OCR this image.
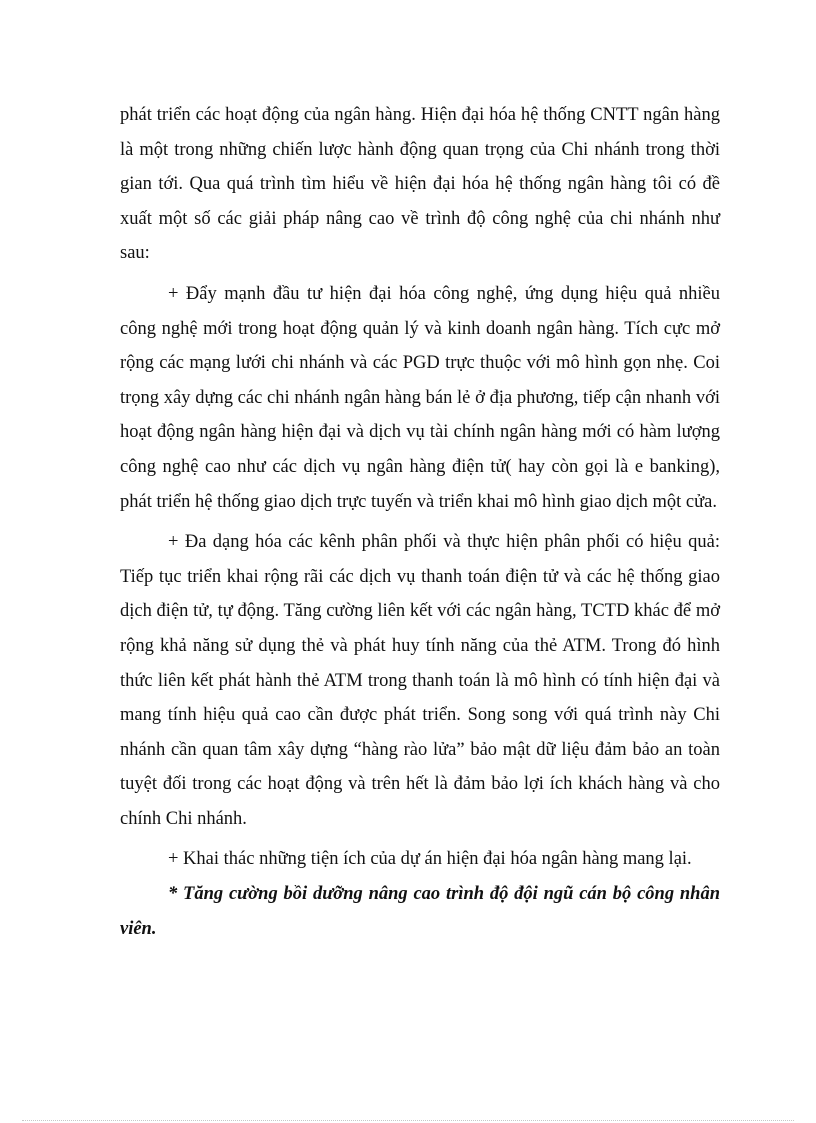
phát triển các hoạt động của ngân hàng. Hiện đại hóa hệ thống CNTT ngân hàng là một trong những chiến lược hành động quan trọng của Chi nhánh trong thời gian tới. Qua quá trình tìm hiểu về hiện đại hóa hệ thống ngân hàng tôi có đề xuất một số các giải pháp nâng cao về trình độ công nghệ của chi nhánh như sau:

+ Đẩy mạnh đầu tư hiện đại hóa công nghệ, ứng dụng hiệu quả nhiều công nghệ mới trong hoạt động quản lý và kinh doanh ngân hàng. Tích cực mở rộng các mạng lưới chi nhánh và các PGD trực thuộc với mô hình gọn nhẹ. Coi trọng xây dựng các chi nhánh ngân hàng bán lẻ ở địa phương, tiếp cận nhanh với hoạt động ngân hàng hiện đại và dịch vụ tài chính ngân hàng mới có hàm lượng công nghệ cao như các dịch vụ ngân hàng điện tử( hay còn gọi là e banking), phát triển hệ thống giao dịch trực tuyến và triển khai mô hình giao dịch một cửa.

+ Đa dạng hóa các kênh phân phối và thực hiện phân phối có hiệu quả: Tiếp tục triển khai rộng rãi các dịch vụ thanh toán điện tử và các hệ thống giao dịch điện tử, tự động. Tăng cường liên kết với các ngân hàng, TCTD khác để mở rộng khả năng sử dụng thẻ và phát huy tính năng của thẻ ATM. Trong đó hình thức liên kết phát hành thẻ ATM trong thanh toán là mô hình có tính hiện đại và mang tính hiệu quả cao cần được phát triển. Song song với quá trình này Chi nhánh cần quan tâm xây dựng “hàng rào lửa” bảo mật dữ liệu đảm bảo an toàn tuyệt đối trong các hoạt động và trên hết là đảm bảo lợi ích khách hàng và cho chính Chi nhánh.

+ Khai thác những tiện ích của dự án hiện đại hóa ngân hàng mang lại.

* Tăng cường bồi dưỡng nâng cao trình độ đội ngũ cán bộ công nhân viên.
